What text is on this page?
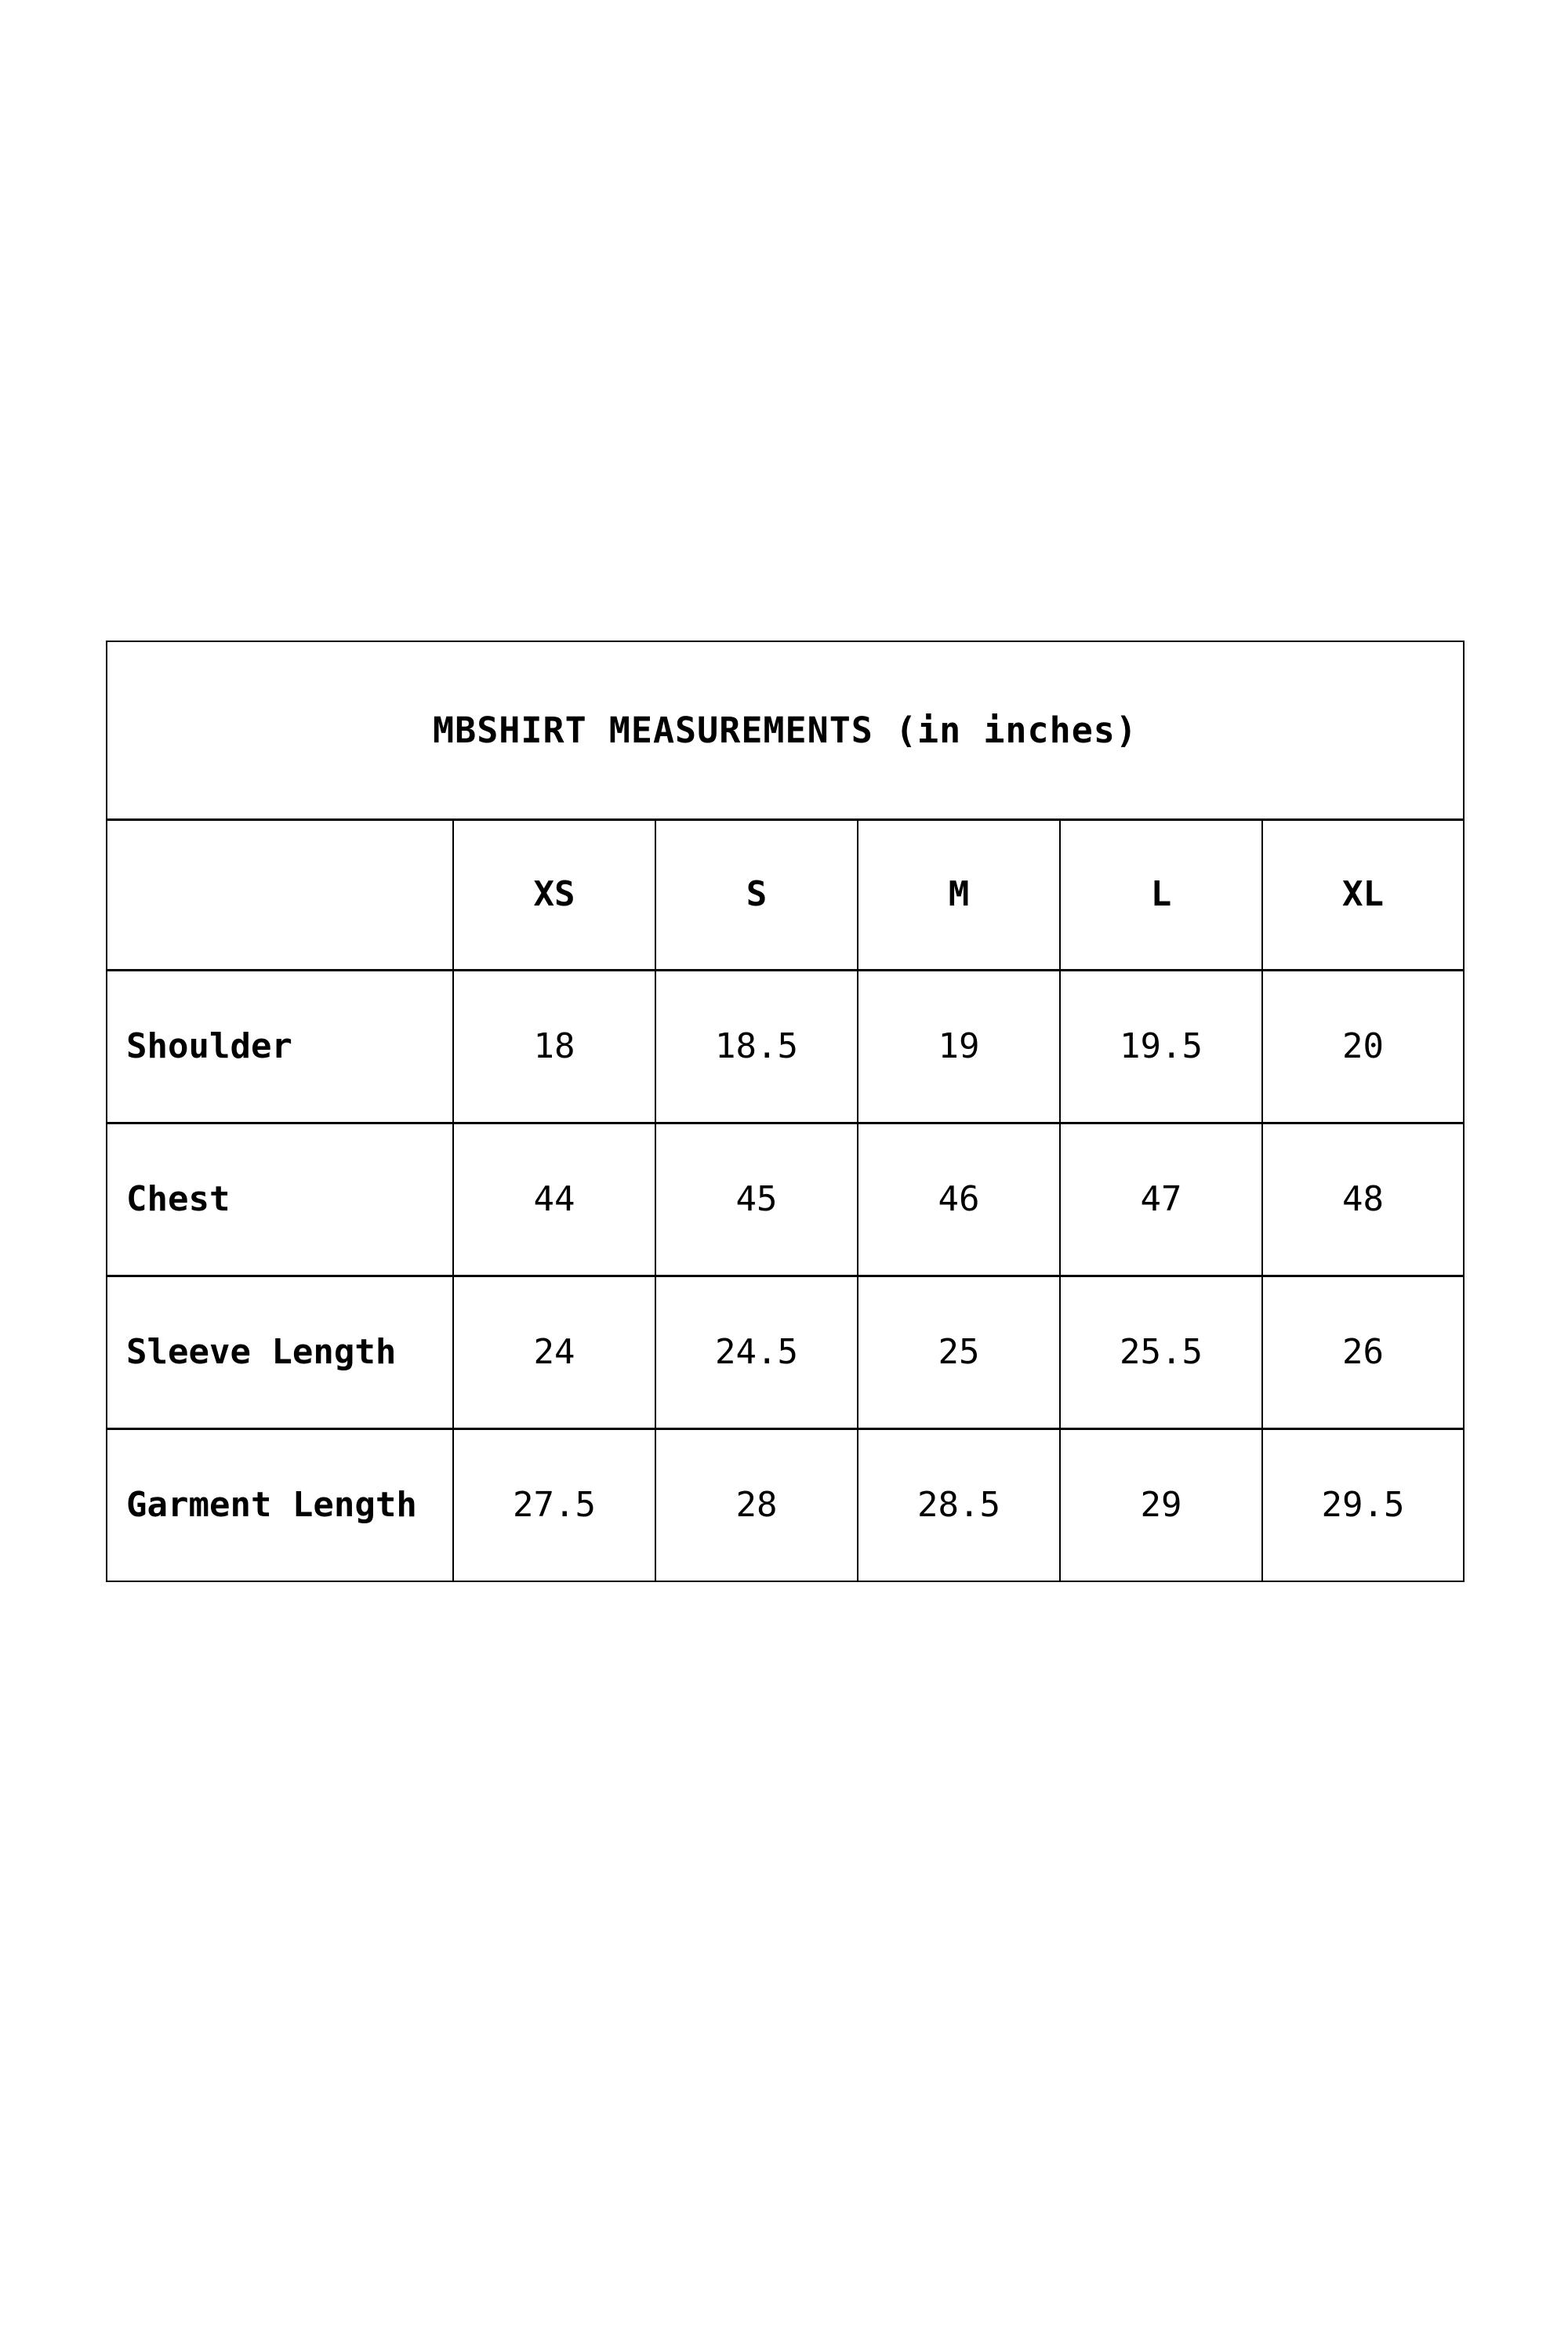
MBSHIRT MEASUREMENTS (in inches)					
	XS	S	M	L	XL
Shoulder	18	18.5	19	19.5	20
Chest	44	45	46	47	48
Sleeve Length	24	24.5	25	25.5	26
Garment Length	27.5	28	28.5	29	29.5
